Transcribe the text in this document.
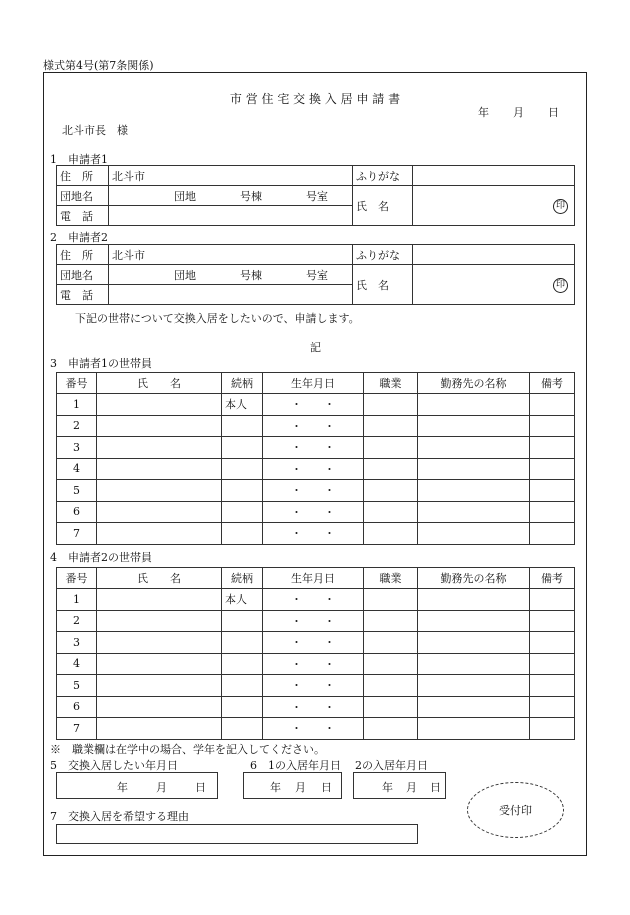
様式第4号(第7条関係)
市 営 住 宅 交 換 入 居 申 請 書
年 月 日
北斗市長　様
1　申請者1
住　所	北斗市	ふりがな	
団地名	団地 号棟 号室	氏　名	印
電　話			
2　申請者2
住　所	北斗市	ふりがな	
団地名	団地 号棟 号室	氏　名	印
電　話			
下記の世帯について交換入居をしたいので、申請します。
記
3　申請者1の世帯員
番号	氏　　名	続柄	生年月日	職業	勤務先の名称	備考
1		本人	・　　・			
2			・　　・			
3			・　　・			
4			・　　・			
5			・　　・			
6			・　　・			
7			・　　・			
4　申請者2の世帯員
番号	氏　　名	続柄	生年月日	職業	勤務先の名称	備考
1		本人	・　　・			
2			・　　・			
3			・　　・			
4			・　　・			
5			・　　・			
6			・　　・			
7			・　　・			
※　職業欄は在学中の場合、学年を記入してください。
5　交換入居したい年月日	6　1の入居年月日 2の入居年月日
年	月	日	年 月 日	年 月 日
7　交換入居を希望する理由	受付印
